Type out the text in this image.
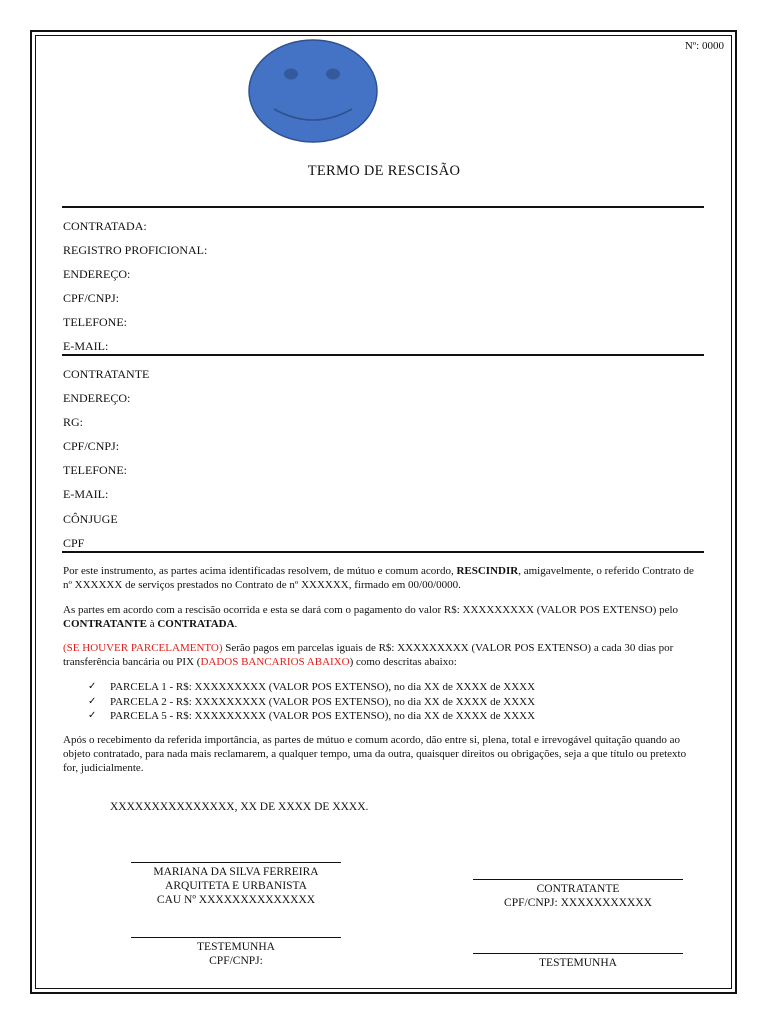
Nº: 0000
TERMO DE RESCISÃO
CONTRATADA:
REGISTRO PROFICIONAL:
ENDEREÇO:
CPF/CNPJ:
TELEFONE:
E-MAIL:
CONTRATANTE
ENDEREÇO:
RG:
CPF/CNPJ:
TELEFONE:
E-MAIL:
CÔNJUGE
CPF

Por este instrumento, as partes acima identificadas resolvem, de mútuo e comum acordo, RESCINDIR, amigavelmente, o referido Contrato de nº XXXXXX de serviços prestados no Contrato de nº XXXXXX, firmado em 00/00/0000.

As partes em acordo com a rescisão ocorrida e esta se dará com o pagamento do valor R$: XXXXXXXXX (VALOR POS EXTENSO) pelo CONTRATANTE à CONTRATADA.

(SE HOUVER PARCELAMENTO) Serão pagos em parcelas iguais de R$: XXXXXXXXX (VALOR POS EXTENSO) a cada 30 dias por transferência bancária ou PIX (DADOS BANCARIOS ABAIXO) como descritas abaixo:

✓ PARCELA 1 - R$: XXXXXXXXX (VALOR POS EXTENSO), no dia XX de XXXX de XXXX
✓ PARCELA 2 - R$: XXXXXXXXX (VALOR POS EXTENSO), no dia XX de XXXX de XXXX
✓ PARCELA 5 - R$: XXXXXXXXX (VALOR POS EXTENSO), no dia XX de XXXX de XXXX

Após o recebimento da referida importância, as partes de mútuo e comum acordo, dão entre si, plena, total e irrevogável quitação quando ao objeto contratado, para nada mais reclamarem, a qualquer tempo, uma da outra, quaisquer direitos ou obrigações, seja a que título ou pretexto for, judicialmente.

XXXXXXXXXXXXXXX, XX DE XXXX DE XXXX.
MARIANA DA SILVA FERREIRA
ARQUITETA E URBANISTA
CAU Nº XXXXXXXXXXXXXX
CONTRATANTE
CPF/CNPJ: XXXXXXXXXXX
TESTEMUNHA
CPF/CNPJ:	TESTEMUNHA
